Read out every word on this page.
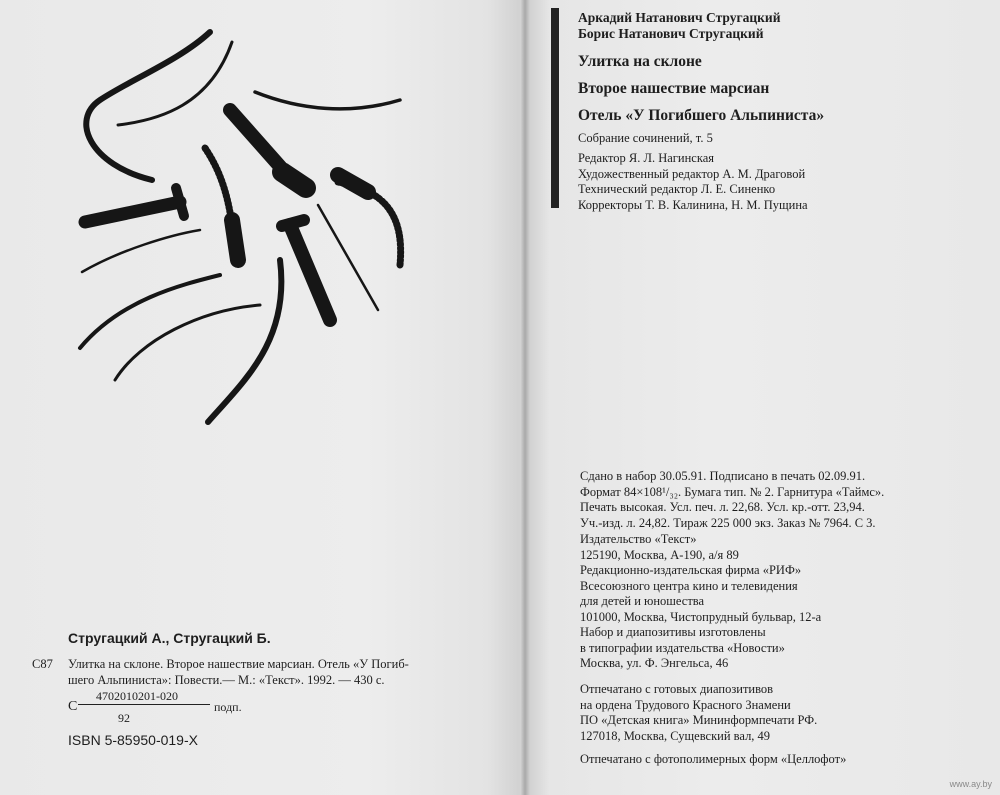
Стругацкий А., Стругацкий Б.
С87 Улитка на склоне. Второе нашествие марсиан. Отель «У Погиб-
шего Альпиниста»: Повести.— М.: «Текст». 1992. — 430 с.
4702010201-020
С	подп.
92
ISBN 5-85950-019-X
Аркадий Натанович Стругацкий
Борис Натанович Стругацкий
Улитка на склоне
Второе нашествие марсиан
Отель «У Погибшего Альпиниста»
Собрание сочинений, т. 5
Редактор Я. Л. Нагинская
Художественный редактор А. М. Драговой
Технический редактор Л. Е. Синенко
Корректоры Т. В. Калинина, Н. М. Пущина
Сдано в набор 30.05.91. Подписано в печать 02.09.91.
Формат 84×108¹/₃₂. Бумага тип. № 2. Гарнитура «Таймс».
Печать высокая. Усл. печ. л. 22,68. Усл. кр.-отт. 23,94.
Уч.-изд. л. 24,82. Тираж 225 000 экз. Заказ № 7964. С 3.
Издательство «Текст»
125190, Москва, А-190, а/я 89
Редакционно-издательская фирма «РИФ»
Всесоюзного центра кино и телевидения
для детей и юношества
101000, Москва, Чистопрудный бульвар, 12-а
Набор и диапозитивы изготовлены
в типографии издательства «Новости»
Москва, ул. Ф. Энгельса, 46
Отпечатано с готовых диапозитивов
на ордена Трудового Красного Знамени
ПО «Детская книга» Мининформпечати РФ.
127018, Москва, Сущевский вал, 49
Отпечатано с фотополимерных форм «Целлофот»
www.ay.by
